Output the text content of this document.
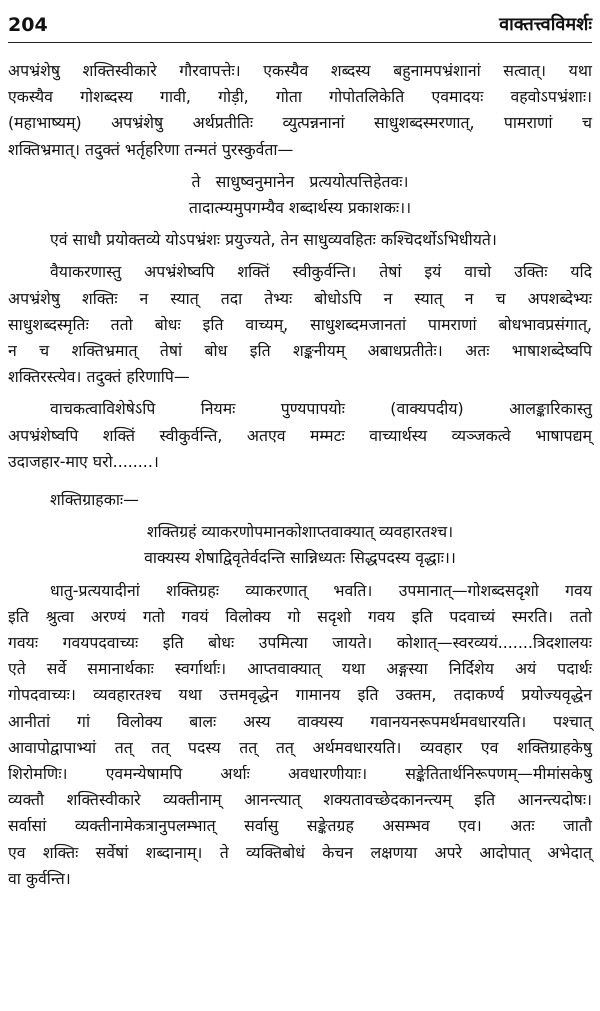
204	वाक्तत्त्वविमर्शः
अपभ्रंशेषु शक्तिस्वीकारे गौरवापत्तेः। एकस्यैव शब्दस्य बहुनामपभ्रंशानां सत्वात्। यथा
एकस्यैव गोशब्दस्य गावी, गोड़ी, गोता गोपोतलिकेति एवमादयः वहवोऽपभ्रंशाः।
(महाभाष्यम्) अपभ्रंशेषु अर्थप्रतीतिः व्युत्पन्ननानां साधुशब्दस्मरणात्, पामराणां च
शक्तिभ्रमात्। तदुक्तं भर्तृहरिणा तन्मतं पुरस्कुर्वता—
ते   साधुष्वनुमानेन   प्रत्ययोत्पत्तिहेतवः।
तादात्म्यमुपगम्यैव शब्दार्थस्य प्रकाशकः।।
एवं साधौ प्रयोक्तव्ये योऽपभ्रंशः प्रयुज्यते, तेन साधुव्यवहितः कश्चिदर्थोऽभिधीयते।
वैयाकरणास्तु अपभ्रंशेष्वपि शक्तिं स्वीकुर्वन्ति। तेषां इयं वाचो उक्तिः यदि
अपभ्रंशेषु शक्तिः न स्यात् तदा तेभ्यः बोधोऽपि न स्यात् न च अपशब्देभ्यः
साधुशब्दस्मृतिः ततो बोधः इति वाच्यम्, साधुशब्दमजानतां पामराणां बोधभावप्रसंगात्,
न च शक्तिभ्रमात् तेषां बोध इति शङ्कनीयम् अबाधप्रतीतेः। अतः भाषाशब्देष्वपि
शक्तिरस्त्येव। तदुक्तं हरिणापि—
वाचकत्वाविशेषेऽपि नियमः पुण्यपापयोः (वाक्यपदीय) आलङ्कारिकास्तु
अपभ्रंशेष्वपि शक्तिं स्वीकुर्वन्ति, अतएव मम्मटः वाच्यार्थस्य व्यञ्जकत्वे भाषापद्यम्
उदाजहार-माए घरो........।
शक्तिग्राहकाः—
शक्तिग्रहं व्याकरणोपमानकोशाप्तवाक्यात् व्यवहारतश्च।
वाक्यस्य शेषाद्विवृतेर्वदन्ति सान्निध्यतः सिद्धपदस्य वृद्धाः।।
धातु-प्रत्ययादीनां शक्तिग्रहः व्याकरणात् भवति। उपमानात्—गोशब्दसदृशो गवय
इति श्रुत्वा अरण्यं गतो गवयं विलोक्य गो सदृशो गवय इति पदवाच्यं स्मरति। ततो
गवयः गवयपदवाच्यः इति बोधः उपमित्या जायते। कोशात्—स्वरव्ययं.......त्रिदशालयः
एते सर्वे समानार्थकाः स्वर्गार्थाः। आप्तवाक्यात् यथा अङ्गस्या निर्दिशेय अयं पदार्थः
गोपदवाच्यः। व्यवहारतश्च यथा उत्तमवृद्धेन गामानय इति उक्तम, तदाकर्ण्य प्रयोज्यवृद्धेन
आनीतां गां विलोक्य बालः अस्य वाक्यस्य गवानयनरूपमर्थमवधारयति। पश्चात्
आवापोद्वापाभ्यां तत् तत् पदस्य तत् तत् अर्थमवधारयति। व्यवहार एव शक्तिग्राहकेषु
शिरोमणिः। एवमन्येषामपि अर्थाः अवधारणीयाः। सङ्केतितार्थनिरूपणम्—मीमांसकेषु
व्यक्तौ शक्तिस्वीकारे व्यक्तीनाम् आनन्त्यात् शक्यतावच्छेदकानन्त्यम् इति आनन्त्यदोषः।
सर्वासां व्यक्तीनामेकत्रानुपलम्भात् सर्वासु सङ्केतग्रह असम्भव एव। अतः जातौ
एव शक्तिः सर्वेषां शब्दानाम्। ते व्यक्तिबोधं केचन लक्षणया अपरे आदोपात् अभेदात्
वा कुर्वन्ति।
